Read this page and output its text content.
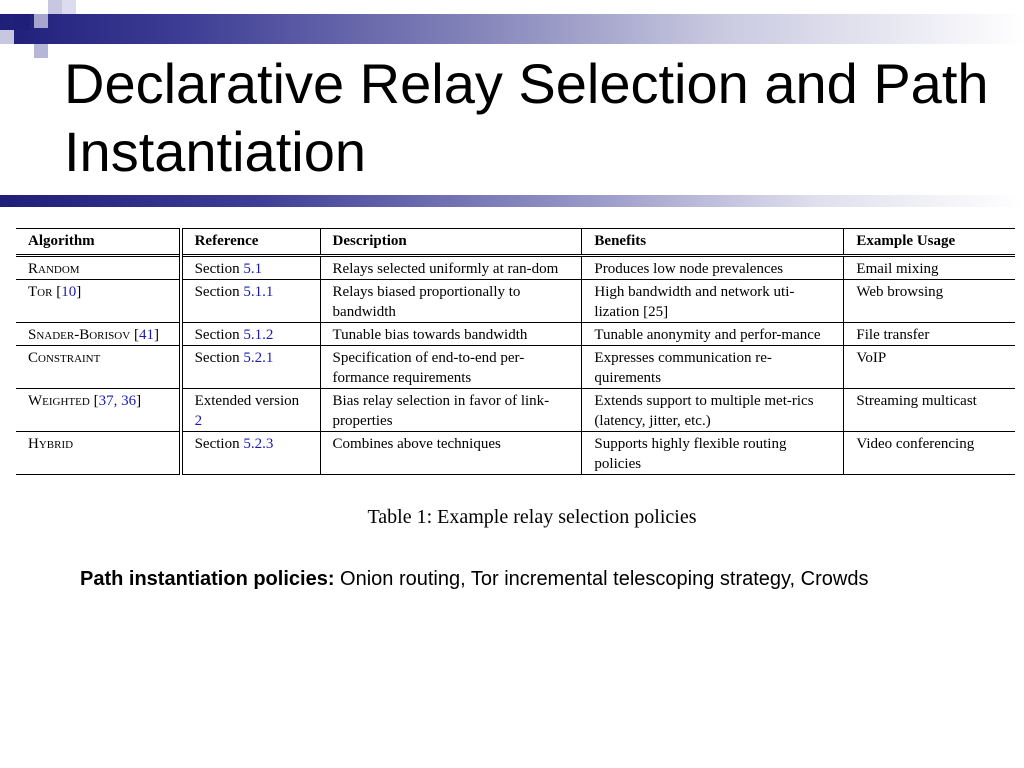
Declarative Relay Selection and Path Instantiation
Algorithm	Reference	Description	Benefits	Example Usage
Random	Section 5.1	Relays selected uniformly at ran-dom	Produces low node prevalences	Email mixing
Tor [10]	Section 5.1.1	Relays biased proportionally to bandwidth	High bandwidth and network uti-lization [25]	Web browsing
Snader-Borisov [41]	Section 5.1.2	Tunable bias towards bandwidth	Tunable anonymity and perfor-mance	File transfer
Constraint	Section 5.2.1	Specification of end-to-end per-formance requirements	Expresses communication re-quirements	VoIP
Weighted [37, 36]	Extended version 2	Bias relay selection in favor of link-properties	Extends support to multiple met-rics (latency, jitter, etc.)	Streaming multicast
Hybrid	Section 5.2.3	Combines above techniques	Supports highly flexible routing policies	Video conferencing
Table 1: Example relay selection policies

Path instantiation policies: Onion routing, Tor incremental telescoping strategy, Crowds
